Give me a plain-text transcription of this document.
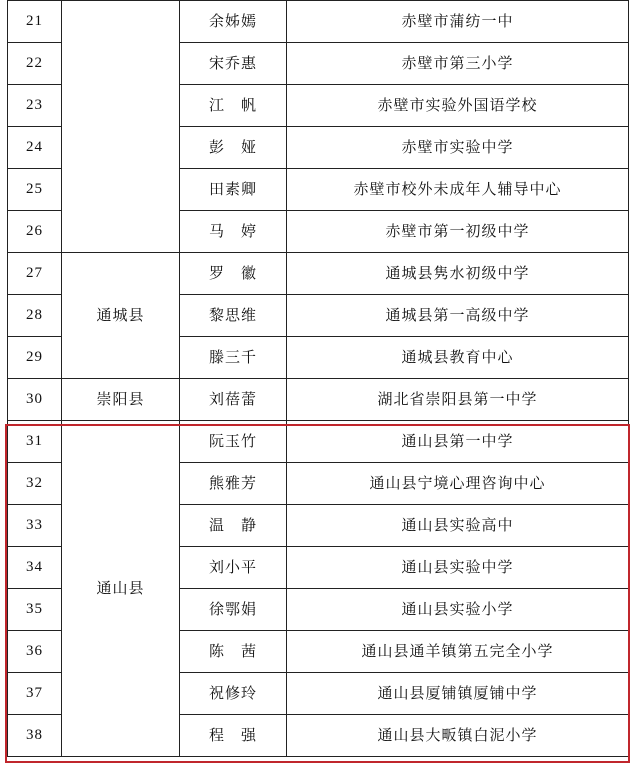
21		余姊嫣	赤壁市蒲纺一中
22		宋乔惠	赤壁市第三小学
23		江　帆	赤壁市实验外国语学校
24		彭　娅	赤壁市实验中学
25		田素卿	赤壁市校外未成年人辅导中心
26		马　婷	赤壁市第一初级中学
27	通城县	罗　徽	通城县隽水初级中学
28		黎思维	通城县第一高级中学
29		滕三千	通城县教育中心
30	崇阳县	刘蓓蕾	湖北省崇阳县第一中学
31	通山县	阮玉竹	通山县第一中学
32		熊雅芳	通山县宁境心理咨询中心
33		温　静	通山县实验高中
34		刘小平	通山县实验中学
35		徐鄂娟	通山县实验小学
36		陈　茜	通山县通羊镇第五完全小学
37		祝修玲	通山县厦铺镇厦铺中学
38		程　强	通山县大畈镇白泥小学
